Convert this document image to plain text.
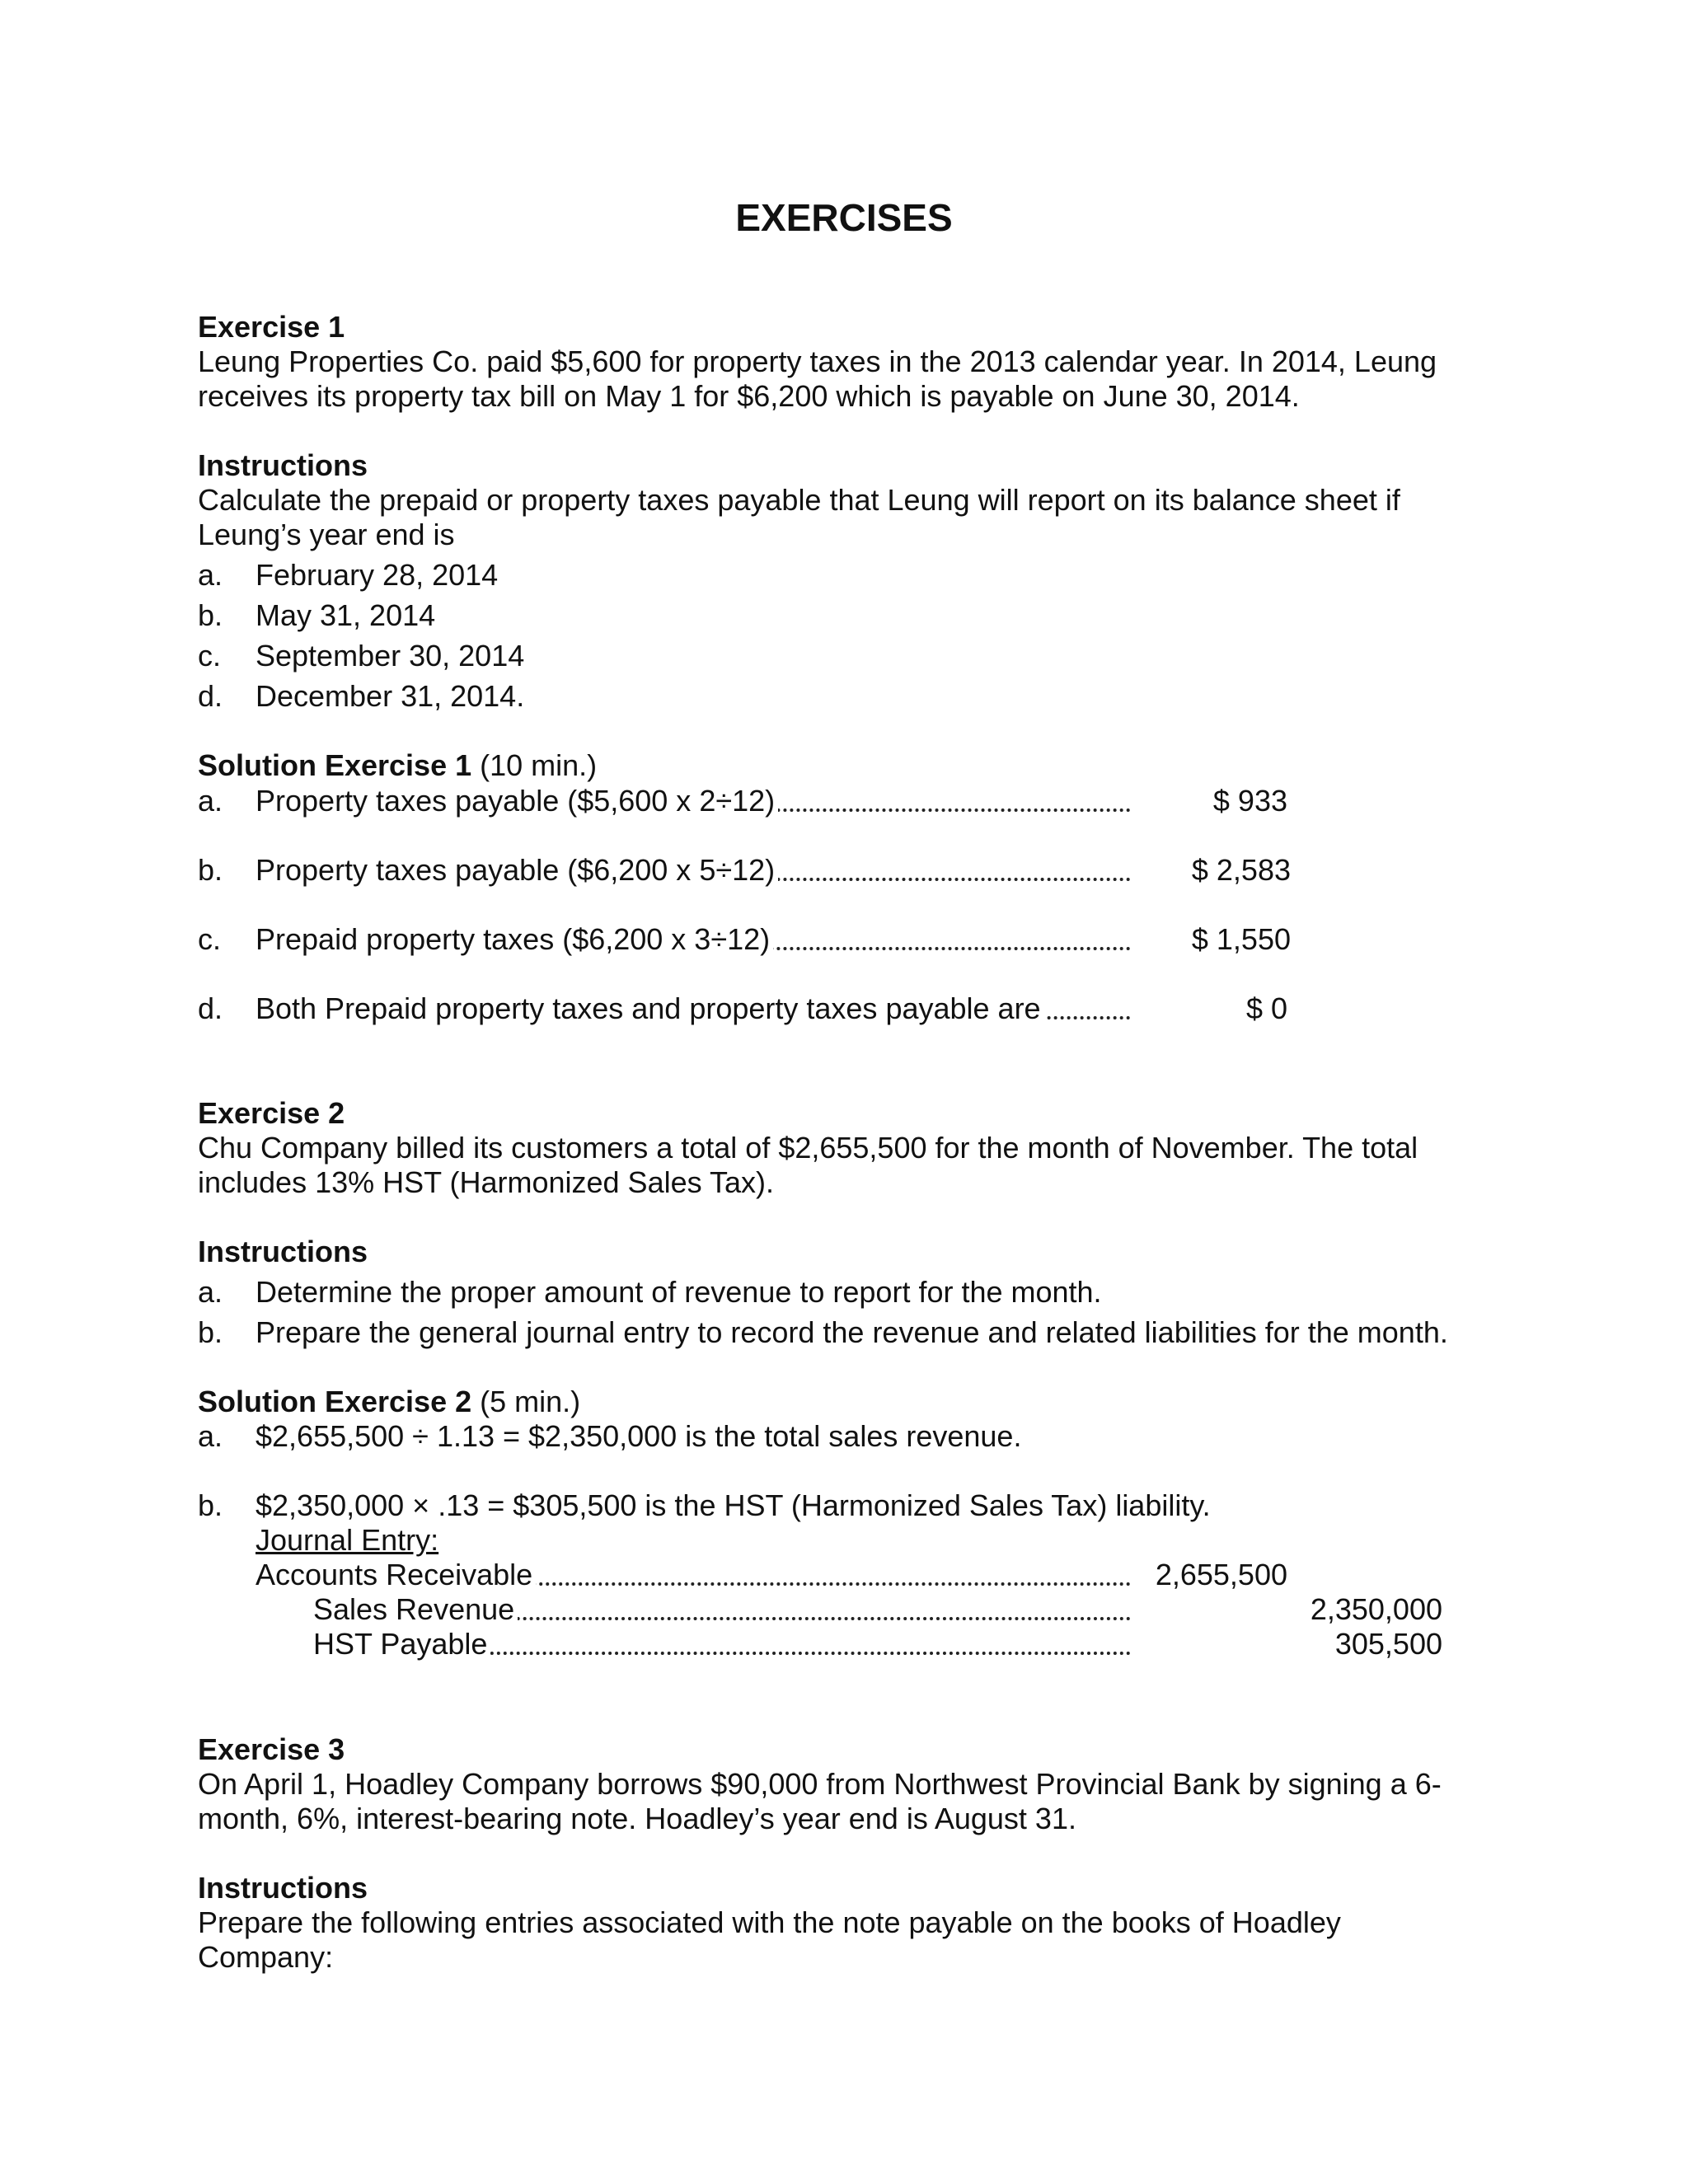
EXERCISES
Exercise 1
Leung Properties Co. paid $5,600 for property taxes in the 2013 calendar year. In 2014, Leung
receives its property tax bill on May 1 for $6,200 which is payable on June 30, 2014.
Instructions
Calculate the prepaid or property taxes payable that Leung will report on its balance sheet if
Leung’s year end is
a. February 28, 2014
b. May 31, 2014
c. September 30, 2014
d. December 31, 2014.
Solution Exercise 1 (10 min.)
a.	Property taxes payable ($5,600 x 2÷12)	$ 933
b.	Property taxes payable ($6,200 x 5÷12)	$ 2,583
c.	Prepaid property taxes ($6,200 x 3÷12)	$ 1,550
d.	Both Prepaid property taxes and property taxes payable are	$ 0
Exercise 2
Chu Company billed its customers a total of $2,655,500 for the month of November. The total
includes 13% HST (Harmonized Sales Tax).
Instructions
a. Determine the proper amount of revenue to report for the month.
b. Prepare the general journal entry to record the revenue and related liabilities for the month.
Solution Exercise 2 (5 min.)
a. $2,655,500 ÷ 1.13 = $2,350,000 is the total sales revenue.
b. $2,350,000 × .13 = $305,500 is the HST (Harmonized Sales Tax) liability.
Journal Entry:
Accounts Receivable	2,655,500
Sales Revenue	2,350,000
HST Payable	305,500
Exercise 3
On April 1, Hoadley Company borrows $90,000 from Northwest Provincial Bank by signing a 6-
month, 6%, interest-bearing note. Hoadley’s year end is August 31.
Instructions
Prepare the following entries associated with the note payable on the books of Hoadley
Company:
